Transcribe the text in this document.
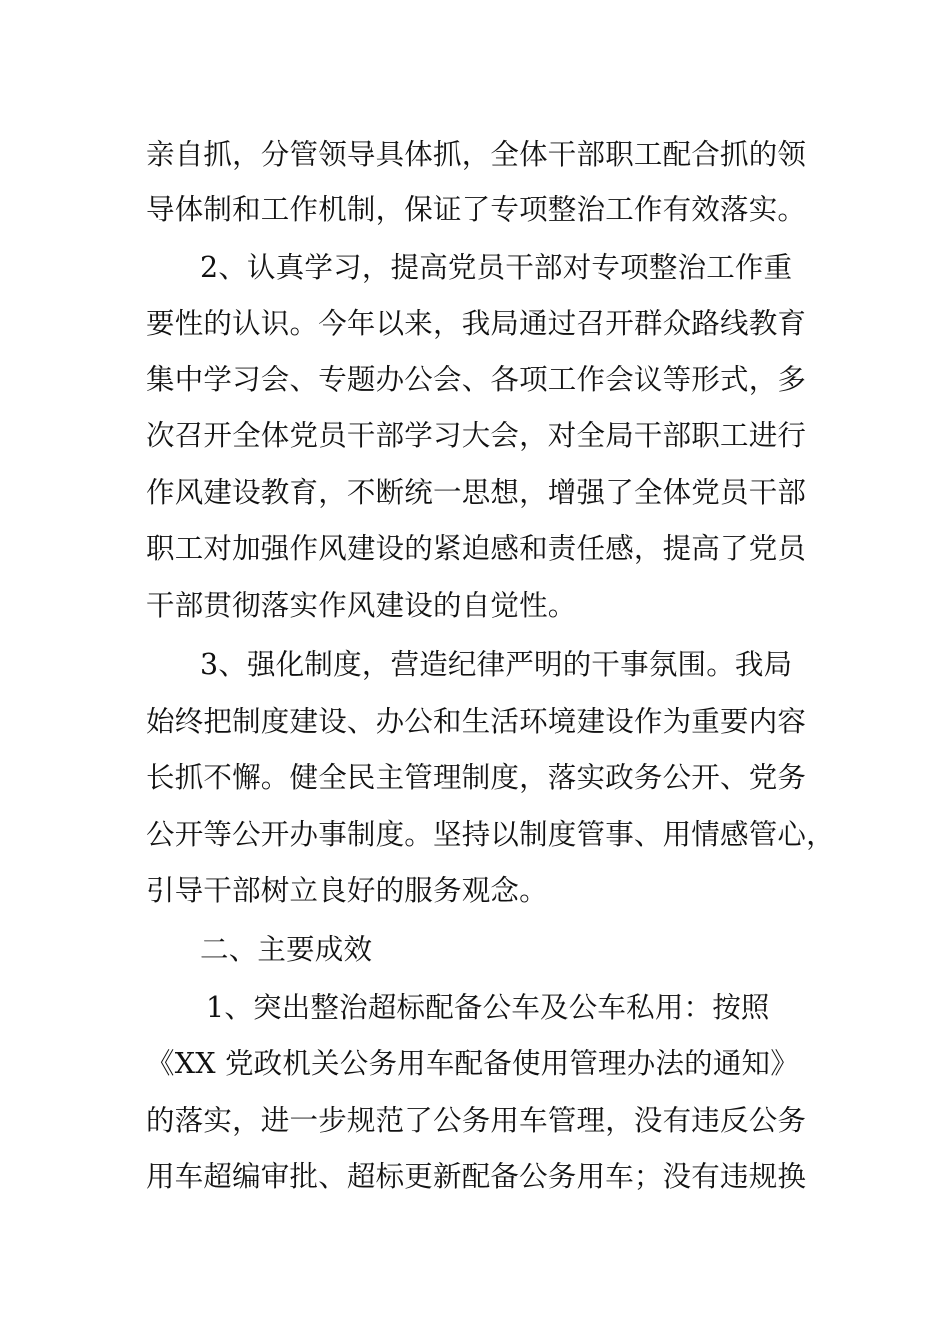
亲自抓，分管领导具体抓，全体干部职工配合抓的领
导体制和工作机制，保证了专项整治工作有效落实。
2、认真学习，提高党员干部对专项整治工作重
要性的认识。今年以来，我局通过召开群众路线教育
集中学习会、专题办公会、各项工作会议等形式，多
次召开全体党员干部学习大会，对全局干部职工进行
作风建设教育，不断统一思想，增强了全体党员干部
职工对加强作风建设的紧迫感和责任感，提高了党员
干部贯彻落实作风建设的自觉性。
3、强化制度，营造纪律严明的干事氛围。我局
始终把制度建设、办公和生活环境建设作为重要内容
长抓不懈。健全民主管理制度，落实政务公开、党务
公开等公开办事制度。坚持以制度管事、用情感管心，
引导干部树立良好的服务观念。
二、主要成效
1、突出整治超标配备公车及公车私用：按照
《XX 党政机关公务用车配备使用管理办法的通知》
的落实，进一步规范了公务用车管理，没有违反公务
用车超编审批、超标更新配备公务用车；没有违规换
